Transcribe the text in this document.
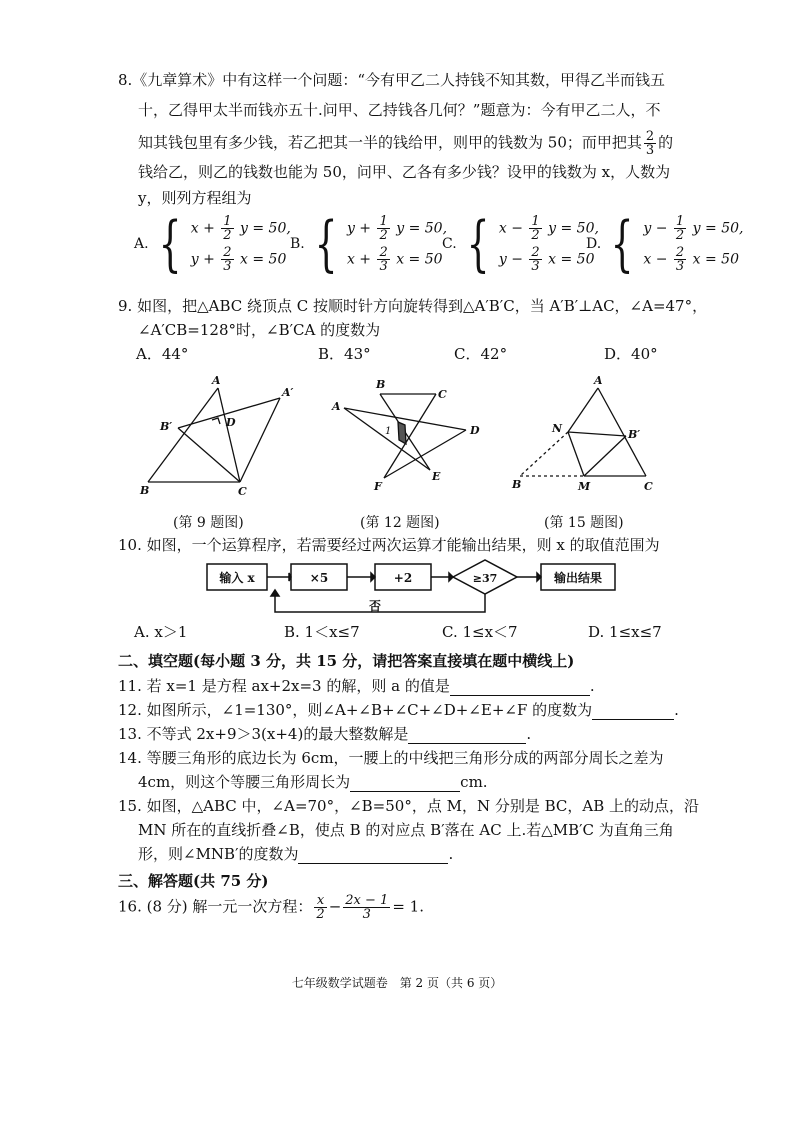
8.《九章算术》中有这样一个问题：“今有甲乙二人持钱不知其数，甲得乙半而钱五
十，乙得甲太半而钱亦五十.问甲、乙持钱各几何？”题意为：今有甲乙二人，不
知其钱包里有多少钱，若乙把其一半的钱给甲，则甲的钱数为 50；而甲把其 $\frac{2}{3}$ 的
钱给乙，则乙的钱数也能为 50，问甲、乙各有多少钱？设甲的钱数为 x，人数为
y，则列方程组为
A. { $x + \frac{1}{2}$ y = 50,
$y + \frac{2}{3}$ x = 50
B. { $y + \frac{1}{2}$ y = 50,
$x + \frac{2}{3}$ x = 50
C. { $x - \frac{1}{2}$ y = 50,
$y - \frac{2}{3}$ x = 50
D. { $y - \frac{1}{2}$ y = 50,
$x - \frac{2}{3}$ x = 50
9. 如图，把△ABC 绕顶点 C 按顺时针方向旋转得到△A′B′C，当 A′B′⊥AC，∠A=47°，
∠A′CB=128°时，∠B′CA 的度数为
A．44°	B．43°	C．42°	D．40°
A
A′
B′	D
B	C
B
C
A
D
1
F
E
A
N	B′
B	M	C
(第 9 题图)	(第 12 题图)	(第 15 题图)
10. 如图，一个运算程序，若需要经过两次运算才能输出结果，则 x 的取值范围为
输入 x	×5	+2	≥37	输出结果
否
A. x＞1	B. 1＜x≤7	C. 1≤x＜7	D. 1≤x≤7
二、填空题(每小题 3 分，共 15 分，请把答案直接填在题中横线上)
11. 若 x=1 是方程 ax+2x=3 的解，则 a 的值是	.
12. 如图所示，∠1=130°，则∠A+∠B+∠C+∠D+∠E+∠F 的度数为	.
13. 不等式 2x+9＞3(x+4)的最大整数解是	.
14. 等腰三角形的底边长为 6cm，一腰上的中线把三角形分成的两部分周长之差为
4cm，则这个等腰三角形周长为	cm.
15. 如图，△ABC 中，∠A=70°，∠B=50°，点 M，N 分别是 BC，AB 上的动点，沿
MN 所在的直线折叠∠B，使点 B 的对应点 B′落在 AC 上.若△MB′C 为直角三角
形，则∠MNB′的度数为	.
三、解答题(共 75 分)
16. (8 分) 解一元一次方程： $\frac{x}{2} - \frac{2x - 1}{3} = 1$.
七年级数学试题卷　第 2 页（共 6 页）
